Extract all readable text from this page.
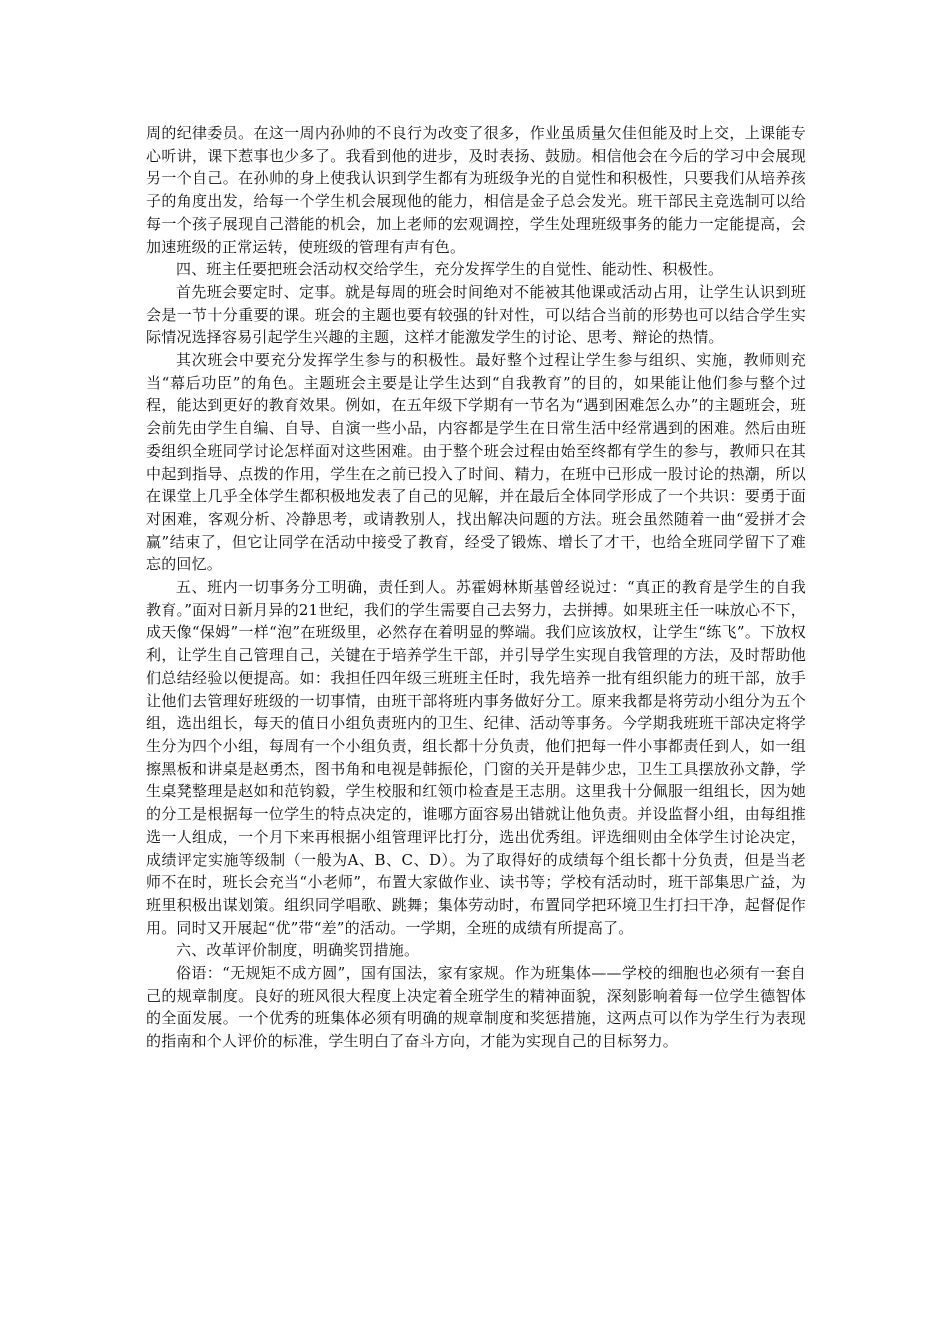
周的纪律委员。在这一周内孙帅的不良行为改变了很多，作业虽质量欠佳但能及时上交，上课能专心听讲，课下惹事也少多了。我看到他的进步，及时表扬、鼓励。相信他会在今后的学习中会展现另一个自己。在孙帅的身上使我认识到学生都有为班级争光的自觉性和积极性，只要我们从培养孩子的角度出发，给每一个学生机会展现他的能力，相信是金子总会发光。班干部民主竞选制可以给每一个孩子展现自己潜能的机会，加上老师的宏观调控，学生处理班级事务的能力一定能提高，会加速班级的正常运转，使班级的管理有声有色。

四、班主任要把班会活动权交给学生，充分发挥学生的自觉性、能动性、积极性。

首先班会要定时、定事。就是每周的班会时间绝对不能被其他课或活动占用，让学生认识到班会是一节十分重要的课。班会的主题也要有较强的针对性，可以结合当前的形势也可以结合学生实际情况选择容易引起学生兴趣的主题，这样才能激发学生的讨论、思考、辩论的热情。

其次班会中要充分发挥学生参与的积极性。最好整个过程让学生参与组织、实施，教师则充当“幕后功臣”的角色。主题班会主要是让学生达到“自我教育”的目的，如果能让他们参与整个过程，能达到更好的教育效果。例如，在五年级下学期有一节名为“遇到困难怎么办”的主题班会，班会前先由学生自编、自导、自演一些小品，内容都是学生在日常生活中经常遇到的困难。然后由班委组织全班同学讨论怎样面对这些困难。由于整个班会过程由始至终都有学生的参与，教师只在其中起到指导、点拨的作用，学生在之前已投入了时间、精力，在班中已形成一股讨论的热潮，所以在课堂上几乎全体学生都积极地发表了自己的见解，并在最后全体同学形成了一个共识：要勇于面对困难，客观分析、冷静思考，或请教别人，找出解决问题的方法。班会虽然随着一曲“爱拼才会赢”结束了，但它让同学在活动中接受了教育，经受了锻炼、增长了才干，也给全班同学留下了难忘的回忆。

五、班内一切事务分工明确，责任到人。苏霍姆林斯基曾经说过：“真正的教育是学生的自我教育。”面对日新月异的21世纪，我们的学生需要自己去努力，去拼搏。如果班主任一味放心不下，成天像“保姆”一样“泡”在班级里，必然存在着明显的弊端。我们应该放权，让学生“练飞”。下放权利，让学生自己管理自己，关键在于培养学生干部，并引导学生实现自我管理的方法，及时帮助他们总结经验以便提高。如：我担任四年级三班班主任时，我先培养一批有组织能力的班干部，放手让他们去管理好班级的一切事情，由班干部将班内事务做好分工。原来我都是将劳动小组分为五个组，选出组长，每天的值日小组负责班内的卫生、纪律、活动等事务。今学期我班班干部决定将学生分为四个小组，每周有一个小组负责，组长都十分负责，他们把每一件小事都责任到人，如一组擦黑板和讲桌是赵勇杰，图书角和电视是韩振伦，门窗的关开是韩少忠，卫生工具摆放孙文静，学生桌凳整理是赵如和范钧毅，学生校服和红领巾检查是王志朋。这里我十分佩服一组组长，因为她的分工是根据每一位学生的特点决定的，谁哪方面容易出错就让他负责。并设监督小组，由每组推选一人组成，一个月下来再根据小组管理评比打分，选出优秀组。评选细则由全体学生讨论决定，成绩评定实施等级制（一般为A、B、C、D）。为了取得好的成绩每个组长都十分负责，但是当老师不在时，班长会充当“小老师”，布置大家做作业、读书等；学校有活动时，班干部集思广益，为班里积极出谋划策。组织同学唱歌、跳舞；集体劳动时，布置同学把环境卫生打扫干净，起督促作用。同时又开展起“优”带“差”的活动。一学期，全班的成绩有所提高了。

六、改革评价制度，明确奖罚措施。

俗语：“无规矩不成方圆”，国有国法，家有家规。作为班集体——学校的细胞也必须有一套自己的规章制度。良好的班风很大程度上决定着全班学生的精神面貌，深刻影响着每一位学生德智体的全面发展。一个优秀的班集体必须有明确的规章制度和奖惩措施，这两点可以作为学生行为表现的指南和个人评价的标准，学生明白了奋斗方向，才能为实现自己的目标努力。
